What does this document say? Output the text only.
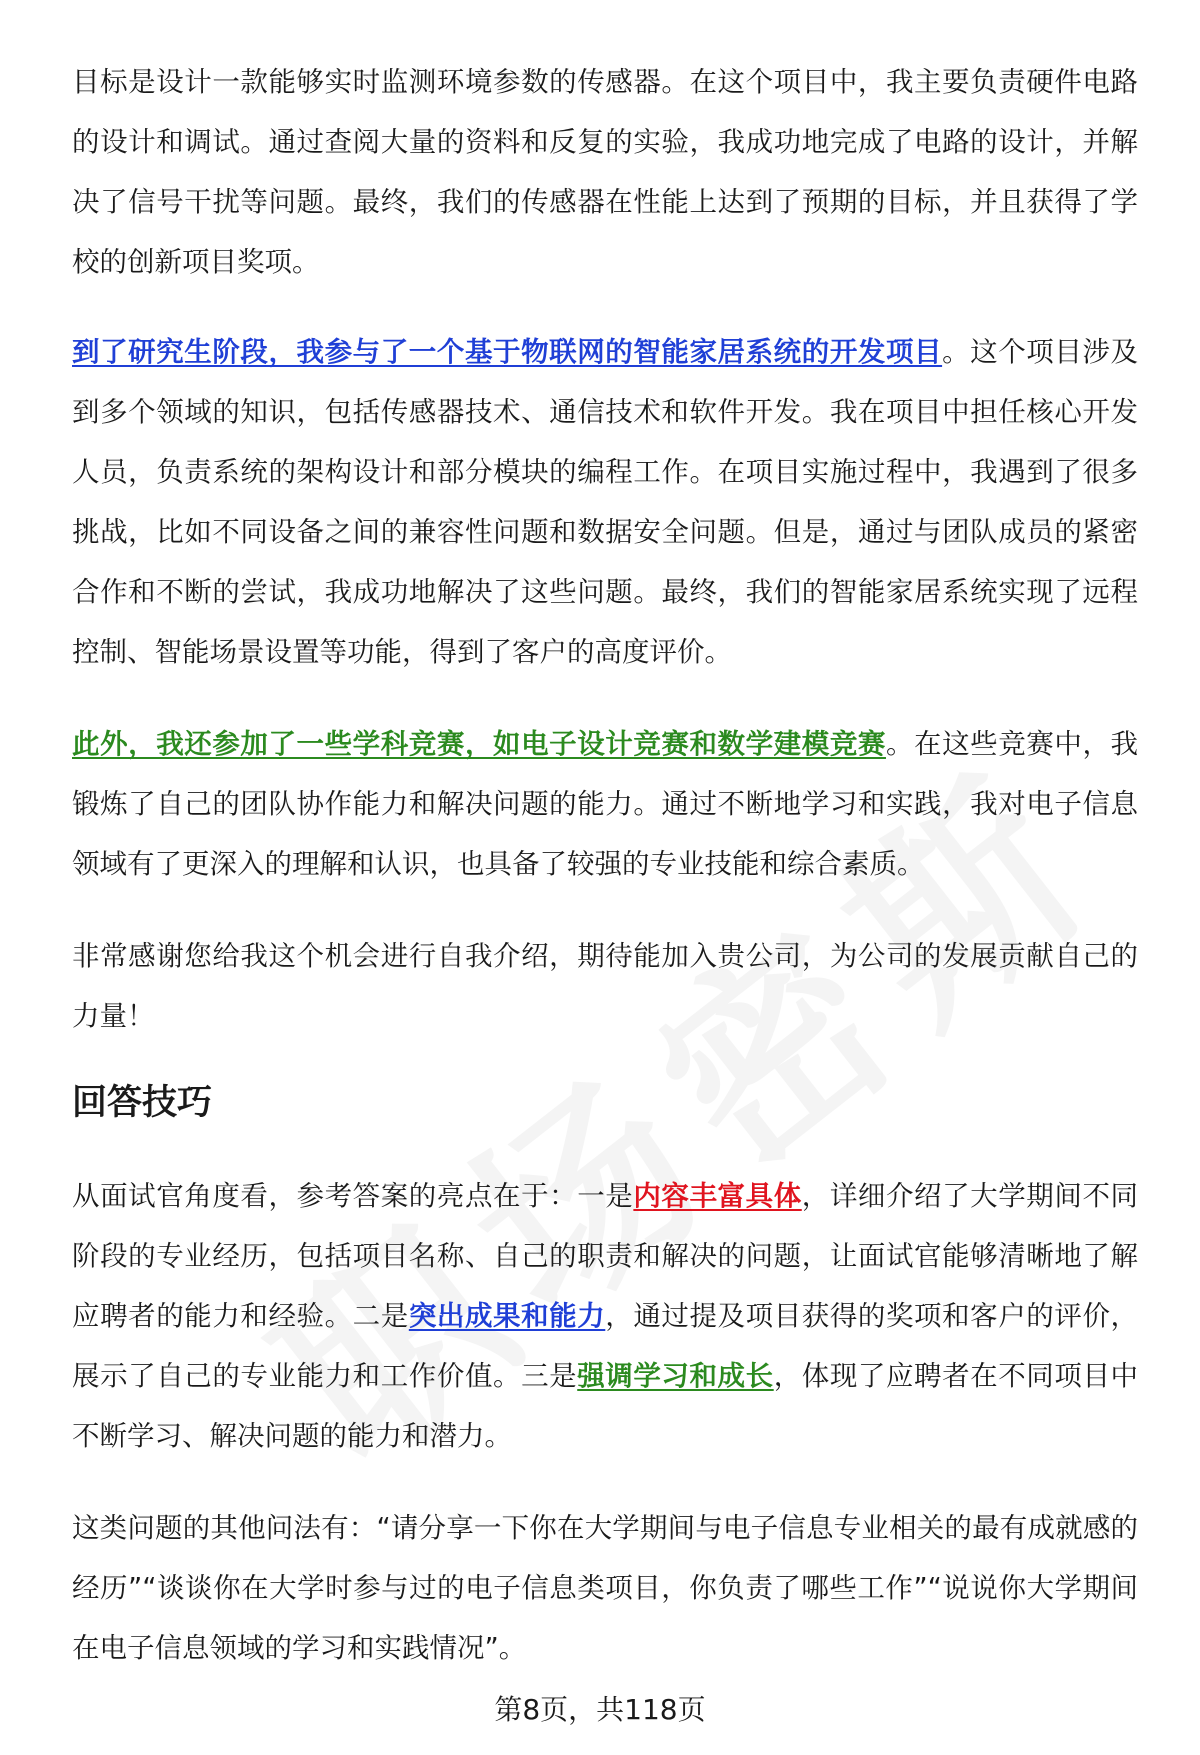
目标是设计一款能够实时监测环境参数的传感器。在这个项目中，我主要负责硬件电路的设计和调试。通过查阅大量的资料和反复的实验，我成功地完成了电路的设计，并解决了信号干扰等问题。最终，我们的传感器在性能上达到了预期的目标，并且获得了学校的创新项目奖项。

到了研究生阶段，我参与了一个基于物联网的智能家居系统的开发项目。这个项目涉及到多个领域的知识，包括传感器技术、通信技术和软件开发。我在项目中担任核心开发人员，负责系统的架构设计和部分模块的编程工作。在项目实施过程中，我遇到了很多挑战，比如不同设备之间的兼容性问题和数据安全问题。但是，通过与团队成员的紧密合作和不断的尝试，我成功地解决了这些问题。最终，我们的智能家居系统实现了远程控制、智能场景设置等功能，得到了客户的高度评价。

此外，我还参加了一些学科竞赛，如电子设计竞赛和数学建模竞赛。在这些竞赛中，我锻炼了自己的团队协作能力和解决问题的能力。通过不断地学习和实践，我对电子信息领域有了更深入的理解和认识，也具备了较强的专业技能和综合素质。

非常感谢您给我这个机会进行自我介绍，期待能加入贵公司，为公司的发展贡献自己的力量！

回答技巧

从面试官角度看，参考答案的亮点在于：一是内容丰富具体，详细介绍了大学期间不同阶段的专业经历，包括项目名称、自己的职责和解决的问题，让面试官能够清晰地了解应聘者的能力和经验。二是突出成果和能力，通过提及项目获得的奖项和客户的评价，展示了自己的专业能力和工作价值。三是强调学习和成长，体现了应聘者在不同项目中不断学习、解决问题的能力和潜力。

这类问题的其他问法有：“请分享一下你在大学期间与电子信息专业相关的最有成就感的经历”“谈谈你在大学时参与过的电子信息类项目，你负责了哪些工作”“说说你大学期间在电子信息领域的学习和实践情况”。

第8页，共118页
